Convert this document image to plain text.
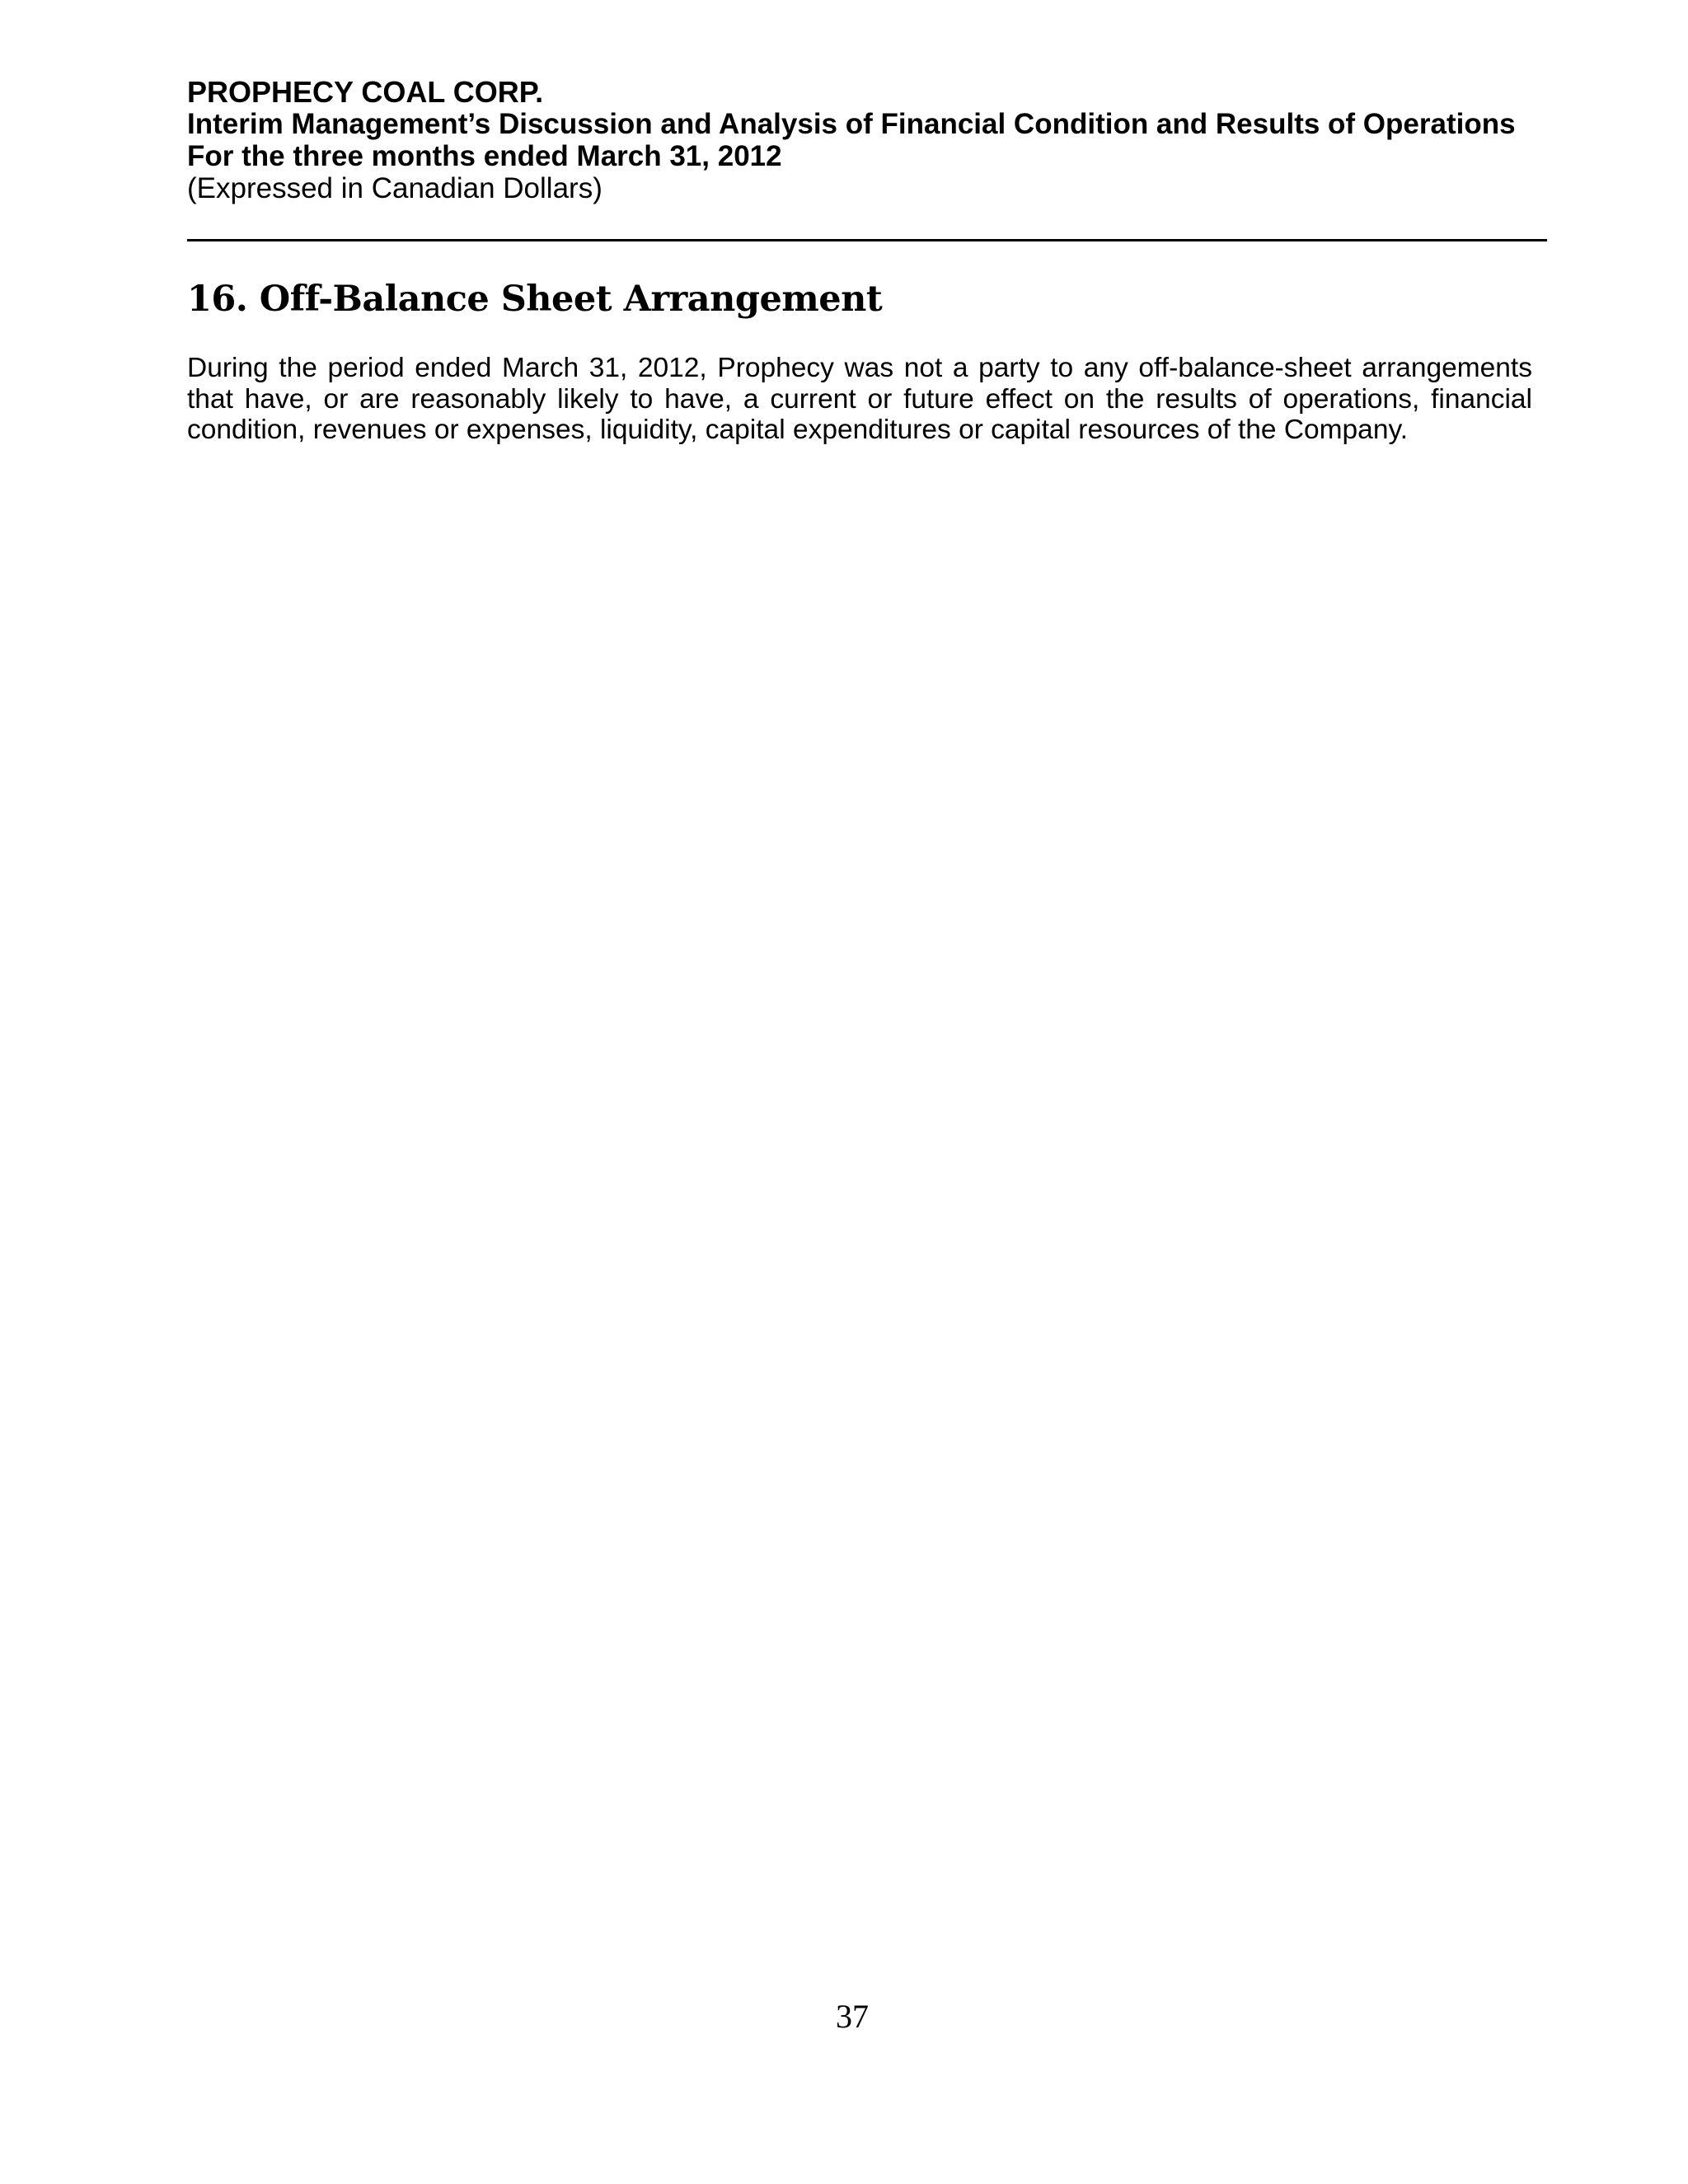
PROPHECY COAL CORP.
Interim Management’s Discussion and Analysis of Financial Condition and Results of Operations
For the three months ended March 31, 2012
(Expressed in Canadian Dollars)
16. Off-Balance Sheet Arrangement

During the period ended March 31, 2012, Prophecy was not a party to any off-balance-sheet arrangements that have, or are reasonably likely to have, a current or future effect on the results of operations, financial condition, revenues or expenses, liquidity, capital expenditures or capital resources of the Company.

37
